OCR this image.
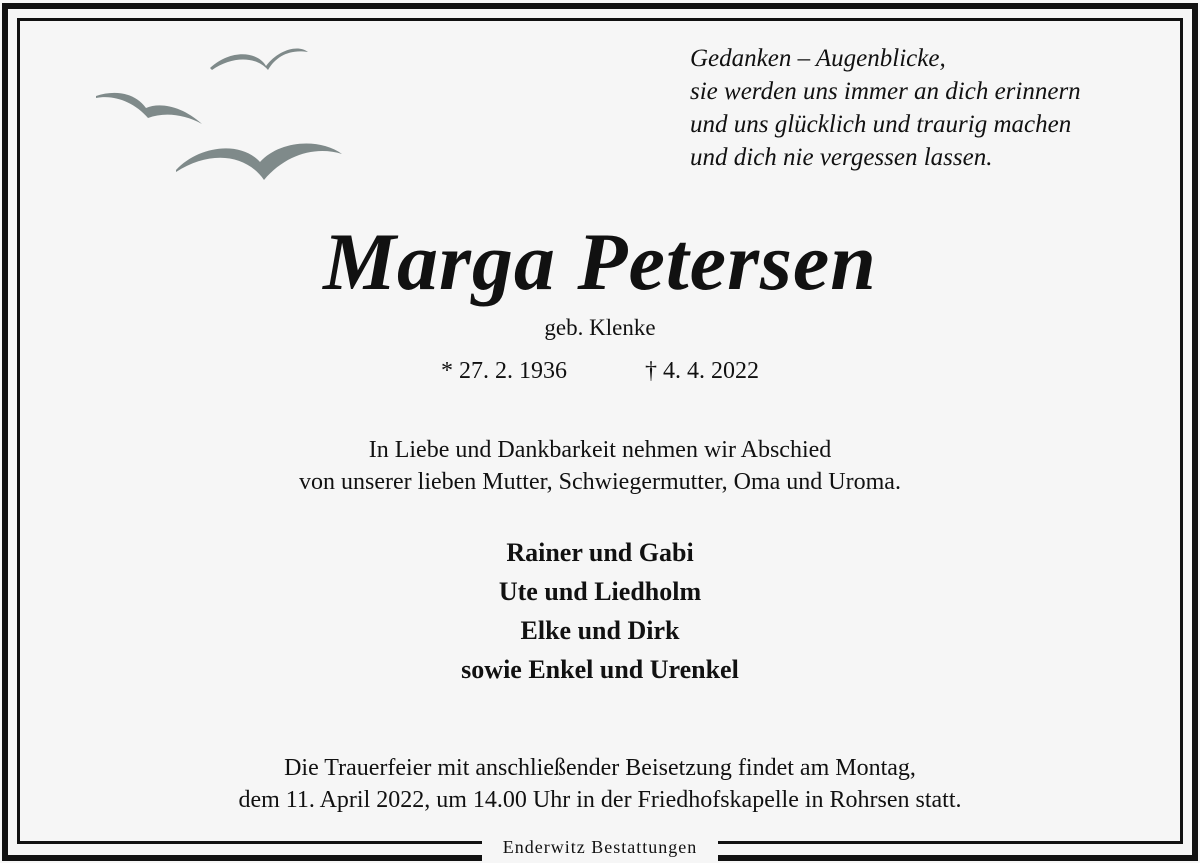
Gedanken – Augenblicke,
sie werden uns immer an dich erinnern
und uns glücklich und traurig machen
und dich nie vergessen lassen.
Marga Petersen
geb. Klenke
* 27. 2. 1936	† 4. 4. 2022
In Liebe und Dankbarkeit nehmen wir Abschied
von unserer lieben Mutter, Schwiegermutter, Oma und Uroma.
Rainer und Gabi
Ute und Liedholm
Elke und Dirk
sowie Enkel und Urenkel
Die Trauerfeier mit anschließender Beisetzung findet am Montag,
dem 11. April 2022, um 14.00 Uhr in der Friedhofskapelle in Rohrsen statt.
Enderwitz Bestattungen
